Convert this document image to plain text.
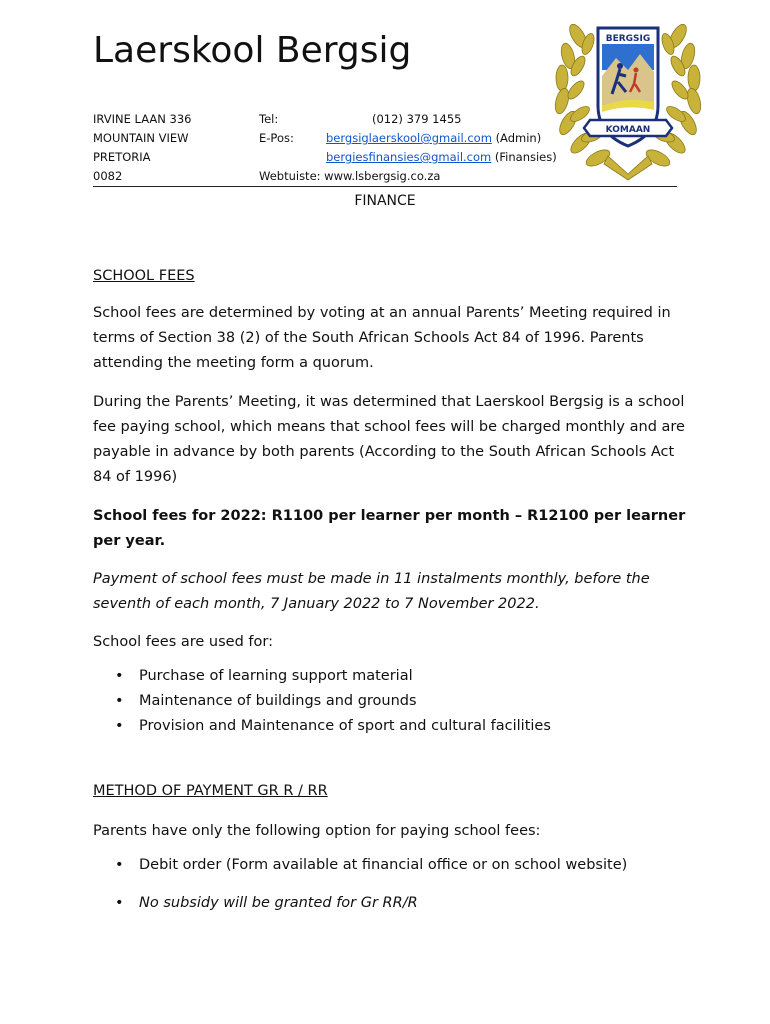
Laerskool Bergsig
IRVINE LAAN 336
MOUNTAIN VIEW
PRETORIA
0082
Tel:	(012) 379 1455
E-Pos:	bergsiglaerskool@gmail.com (Admin)
bergiesfinansies@gmail.com (Finansies)
Webtuiste: www.lsbergsig.co.za
BERGSIG
KOMAAN
FINANCE
SCHOOL FEES

School fees are determined by voting at an annual Parents’ Meeting required in terms of Section 38 (2) of the South African Schools Act 84 of 1996. Parents attending the meeting form a quorum.

During the Parents’ Meeting, it was determined that Laerskool Bergsig is a school fee paying school, which means that school fees will be charged monthly and are payable in advance by both parents (According to the South African Schools Act 84 of 1996)

School fees for 2022: R1100 per learner per month – R12100 per learner per year.

Payment of school fees must be made in 11 instalments monthly, before the seventh of each month, 7 January 2022 to 7 November 2022.

School fees are used for:
• Purchase of learning support material
• Maintenance of buildings and grounds
• Provision and Maintenance of sport and cultural facilities
METHOD OF PAYMENT GR R / RR
Parents have only the following option for paying school fees:
• Debit order (Form available at financial office or on school website)
• No subsidy will be granted for Gr RR/R
